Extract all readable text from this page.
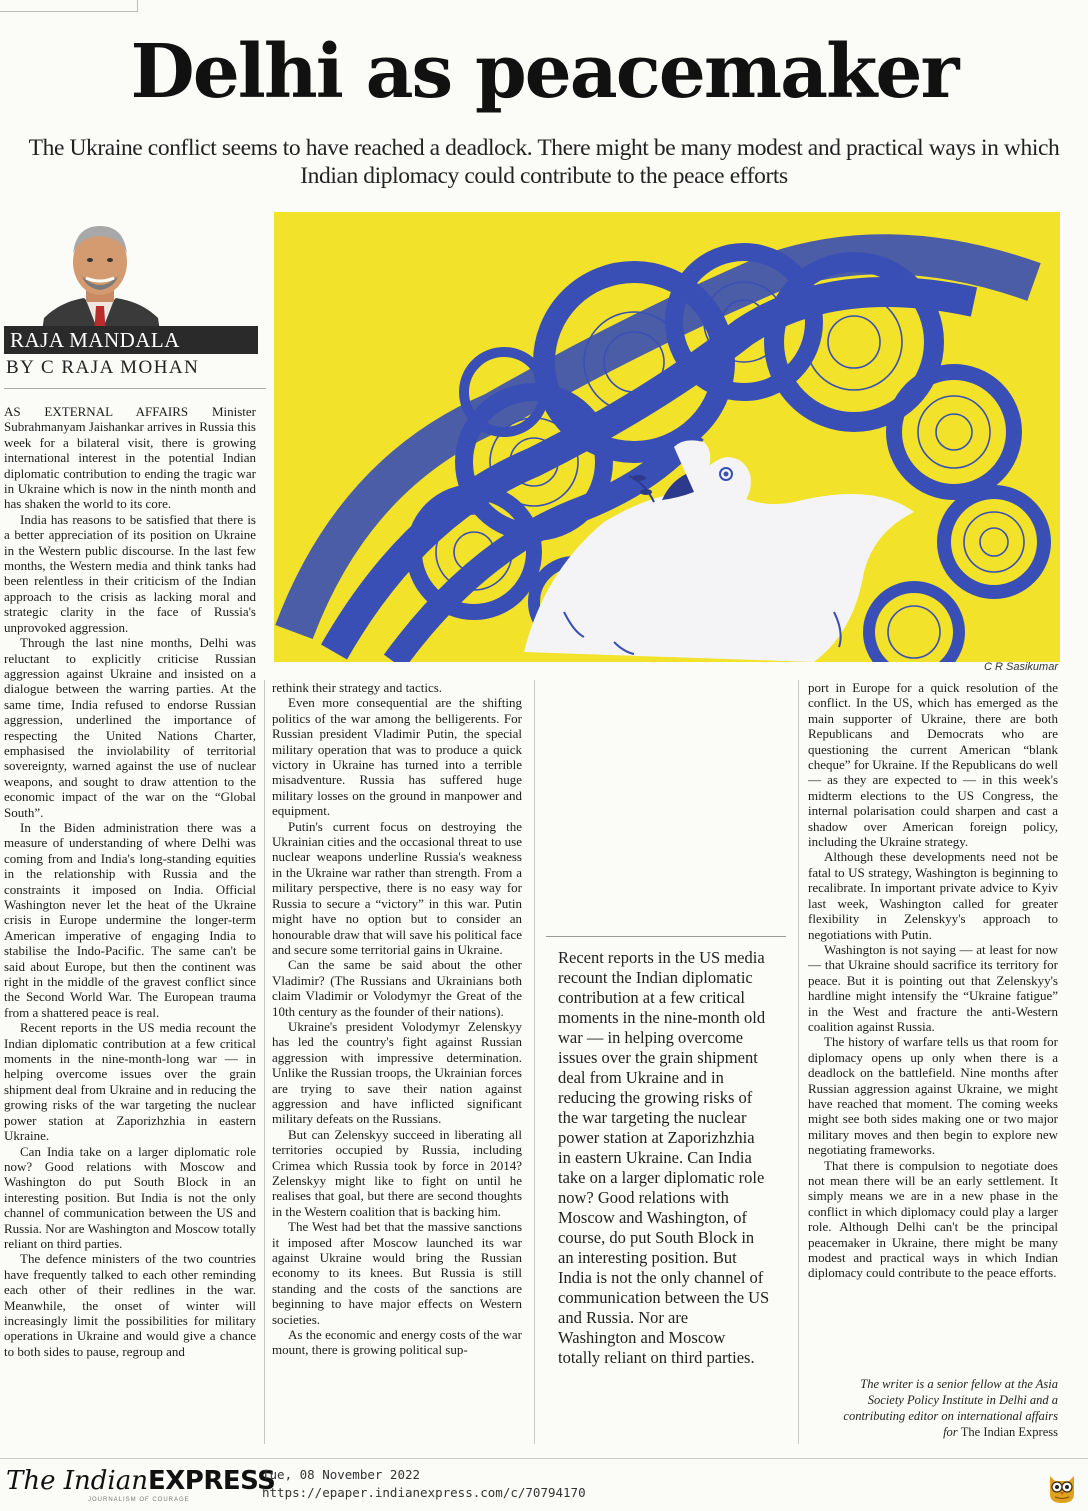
Delhi as peacemaker
The Ukraine conflict seems to have reached a deadlock. There might be many modest and practical ways in which Indian diplomacy could contribute to the peace efforts
RAJA MANDALA
BY C RAJA MOHAN
C R Sasikumar

AS EXTERNAL AFFAIRS Minister Subrahmanyam Jaishankar arrives in Russia this week for a bilateral visit, there is growing international interest in the potential Indian diplomatic contribution to ending the tragic war in Ukraine which is now in the ninth month and has shaken the world to its core.

India has reasons to be satisfied that there is a better appreciation of its position on Ukraine in the Western public discourse. In the last few months, the Western media and think tanks had been relentless in their criticism of the Indian approach to the crisis as lacking moral and strategic clarity in the face of Russia's unprovoked aggression.

Through the last nine months, Delhi was reluctant to explicitly criticise Russian aggression against Ukraine and insisted on a dialogue between the warring parties. At the same time, India refused to endorse Russian aggression, underlined the importance of respecting the United Nations Charter, emphasised the inviolability of territorial sovereignty, warned against the use of nuclear weapons, and sought to draw attention to the economic impact of the war on the “Global South”.

In the Biden administration there was a measure of understanding of where Delhi was coming from and India's long-standing equities in the relationship with Russia and the constraints it imposed on India. Official Washington never let the heat of the Ukraine crisis in Europe undermine the longer-term American imperative of engaging India to stabilise the Indo-Pacific. The same can't be said about Europe, but then the continent was right in the middle of the gravest conflict since the Second World War. The European trauma from a shattered peace is real.

Recent reports in the US media recount the Indian diplomatic contribution at a few critical moments in the nine-month-long war — in helping overcome issues over the grain shipment deal from Ukraine and in reducing the growing risks of the war targeting the nuclear power station at Zaporizhzhia in eastern Ukraine.

Can India take on a larger diplomatic role now? Good relations with Moscow and Washington do put South Block in an interesting position. But India is not the only channel of communication between the US and Russia. Nor are Washington and Moscow totally reliant on third parties.

The defence ministers of the two countries have frequently talked to each other reminding each other of their redlines in the war. Meanwhile, the onset of winter will increasingly limit the possibilities for military operations in Ukraine and would give a chance to both sides to pause, regroup and

rethink their strategy and tactics.

Even more consequential are the shifting politics of the war among the belligerents. For Russian president Vladimir Putin, the special military operation that was to produce a quick victory in Ukraine has turned into a terrible misadventure. Russia has suffered huge military losses on the ground in manpower and equipment.

Putin's current focus on destroying the Ukrainian cities and the occasional threat to use nuclear weapons underline Russia's weakness in the Ukraine war rather than strength. From a military perspective, there is no easy way for Russia to secure a “victory” in this war. Putin might have no option but to consider an honourable draw that will save his political face and secure some territorial gains in Ukraine.

Can the same be said about the other Vladimir? (The Russians and Ukrainians both claim Vladimir or Volodymyr the Great of the 10th century as the founder of their nations).

Ukraine's president Volodymyr Zelenskyy has led the country's fight against Russian aggression with impressive determination. Unlike the Russian troops, the Ukrainian forces are trying to save their nation against aggression and have inflicted significant military defeats on the Russians.

But can Zelenskyy succeed in liberating all territories occupied by Russia, including Crimea which Russia took by force in 2014? Zelenskyy might like to fight on until he realises that goal, but there are second thoughts in the Western coalition that is backing him.

The West had bet that the massive sanctions it imposed after Moscow launched its war against Ukraine would bring the Russian economy to its knees. But Russia is still standing and the costs of the sanctions are beginning to have major effects on Western societies.

As the economic and energy costs of the war mount, there is growing political sup-

Recent reports in the US media recount the Indian diplomatic contribution at a few critical moments in the nine-month old war — in helping overcome issues over the grain shipment deal from Ukraine and in reducing the growing risks of the war targeting the nuclear power station at Zaporizhzhia in eastern Ukraine. Can India take on a larger diplomatic role now? Good relations with Moscow and Washington, of course, do put South Block in an interesting position. But India is not the only channel of communication between the US and Russia. Nor are Washington and Moscow totally reliant on third parties.

port in Europe for a quick resolution of the conflict. In the US, which has emerged as the main supporter of Ukraine, there are both Republicans and Democrats who are questioning the current American “blank cheque” for Ukraine. If the Republicans do well — as they are expected to — in this week's midterm elections to the US Congress, the internal polarisation could sharpen and cast a shadow over American foreign policy, including the Ukraine strategy.

Although these developments need not be fatal to US strategy, Washington is beginning to recalibrate. In important private advice to Kyiv last week, Washington called for greater flexibility in Zelenskyy's approach to negotiations with Putin.

Washington is not saying — at least for now — that Ukraine should sacrifice its territory for peace. But it is pointing out that Zelenskyy's hardline might intensify the “Ukraine fatigue” in the West and fracture the anti-Western coalition against Russia.

The history of warfare tells us that room for diplomacy opens up only when there is a deadlock on the battlefield. Nine months after Russian aggression against Ukraine, we might have reached that moment. The coming weeks might see both sides making one or two major military moves and then begin to explore new negotiating frameworks.

That there is compulsion to negotiate does not mean there will be an early settlement. It simply means we are in a new phase in the conflict in which diplomacy could play a larger role. Although Delhi can't be the principal peacemaker in Ukraine, there might be many modest and practical ways in which Indian diplomacy could contribute to the peace efforts.

The writer is a senior fellow at the Asia
Society Policy Institute in Delhi and a
contributing editor on international affairs
for The Indian Express
The IndianEXPRESS
JOURNALISM OF COURAGE
Tue, 08 November 2022
https://epaper.indianexpress.com/c/70794170
